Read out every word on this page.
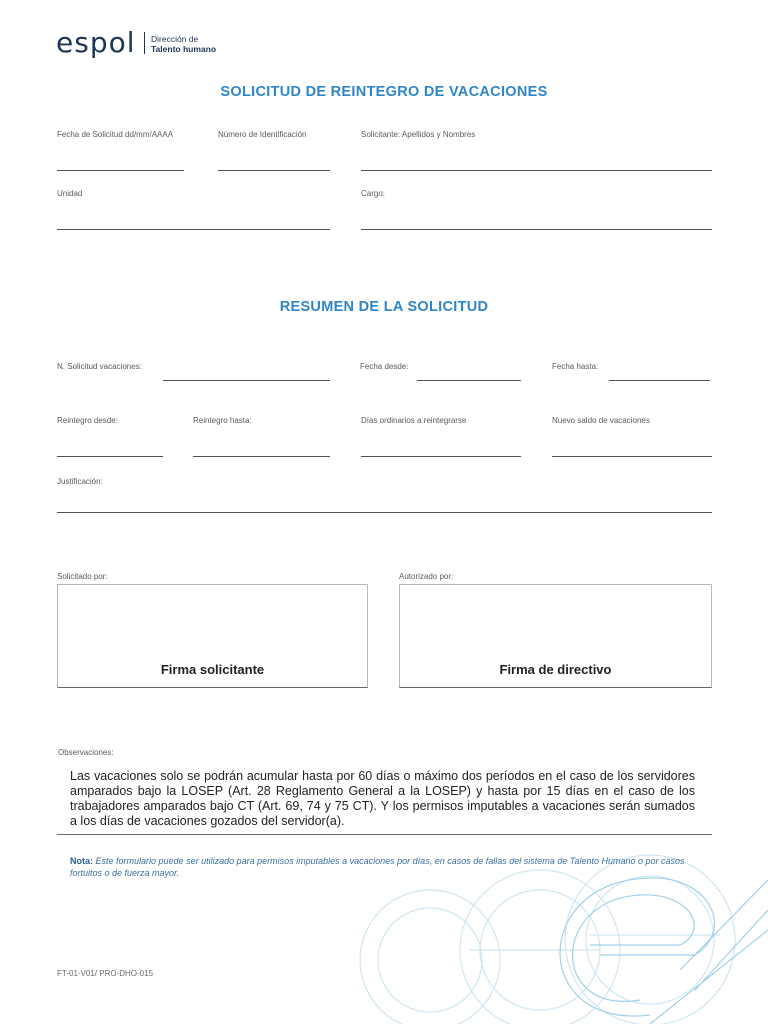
espol Dirección de
Talento humano
SOLICITUD DE REINTEGRO DE VACACIONES
Fecha de Solicitud dd/mm/AAAA	Número de Identificación	Solicitante: Apellidos y Nombres
Unidad	Cargo:
RESUMEN DE LA SOLICITUD
N. Solicitud vacaciones:	Fecha desde:	Fecha hasta:
Reintegro desde:	Reintegro hasta:	Días ordinarios a reintegrarse	Nuevo saldo de vacaciones
Justificación:
Solicitado por:
Firma solicitante
Autorizado por:
Firma de directivo
Observaciones:
Las vacaciones solo se podrán acumular hasta por 60 días o máximo dos períodos en el caso de los servidores amparados bajo la LOSEP (Art. 28 Reglamento General a la LOSEP) y hasta por 15 días en el caso de los trabajadores amparados bajo CT (Art. 69, 74 y 75 CT). Y los permisos imputables a vacaciones serán sumados a los días de vacaciones gozados del servidor(a).
Nota: Este formulario puede ser utilizado para permisos imputables a vacaciones por días, en casos de fallas del sistema de Talento Humano o por casos fortuitos o de fuerza mayor.
FT-01-V01/ PRO-DHO-015
